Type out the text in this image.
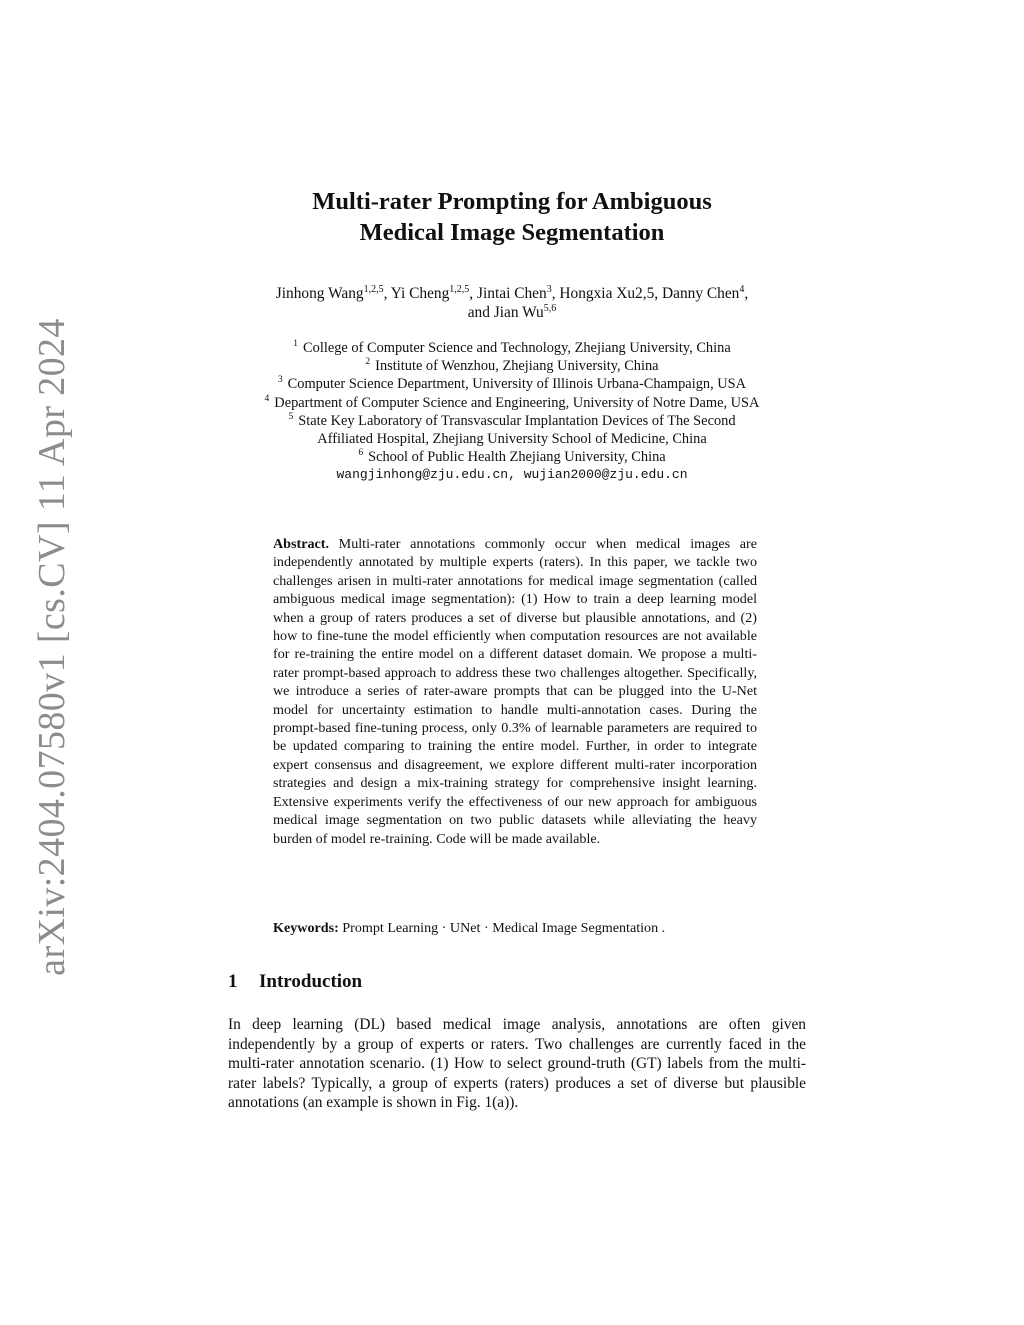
arXiv:2404.07580v1 [cs.CV] 11 Apr 2024
Multi-rater Prompting for Ambiguous
Medical Image Segmentation
Jinhong Wang$^{1,2,5}$, Yi Cheng$^{1,2,5}$, Jintai Chen$^3$, Hongxia Xu2,5, Danny Chen$^4$,
and Jian Wu$^{5,6}$
$^1$ College of Computer Science and Technology, Zhejiang University, China
$^2$ Institute of Wenzhou, Zhejiang University, China
$^3$ Computer Science Department, University of Illinois Urbana-Champaign, USA
$^4$ Department of Computer Science and Engineering, University of Notre Dame, USA
$^5$ State Key Laboratory of Transvascular Implantation Devices of The Second
Affiliated Hospital, Zhejiang University School of Medicine, China
$^6$ School of Public Health Zhejiang University, China
wangjinhong@zju.edu.cn, wujian2000@zju.edu.cn

Abstract. Multi-rater annotations commonly occur when medical images are independently annotated by multiple experts (raters). In this paper, we tackle two challenges arisen in multi-rater annotations for medical image segmentation (called ambiguous medical image segmentation): (1) How to train a deep learning model when a group of raters produces a set of diverse but plausible annotations, and (2) how to fine-tune the model efficiently when computation resources are not available for re-training the entire model on a different dataset domain. We propose a multi-rater prompt-based approach to address these two challenges altogether. Specifically, we introduce a series of rater-aware prompts that can be plugged into the U-Net model for uncertainty estimation to handle multi-annotation cases. During the prompt-based fine-tuning process, only 0.3% of learnable parameters are required to be updated comparing to training the entire model. Further, in order to integrate expert consensus and disagreement, we explore different multi-rater incorporation strategies and design a mix-training strategy for comprehensive insight learning. Extensive experiments verify the effectiveness of our new approach for ambiguous medical image segmentation on two public datasets while alleviating the heavy burden of model re-training. Code will be made available.

Keywords: Prompt Learning · UNet · Medical Image Segmentation .
1 Introduction

In deep learning (DL) based medical image analysis, annotations are often given independently by a group of experts or raters. Two challenges are currently faced in the multi-rater annotation scenario. (1) How to select ground-truth (GT) labels from the multi-rater labels? Typically, a group of experts (raters) produces a set of diverse but plausible annotations (an example is shown in Fig. 1(a)).
